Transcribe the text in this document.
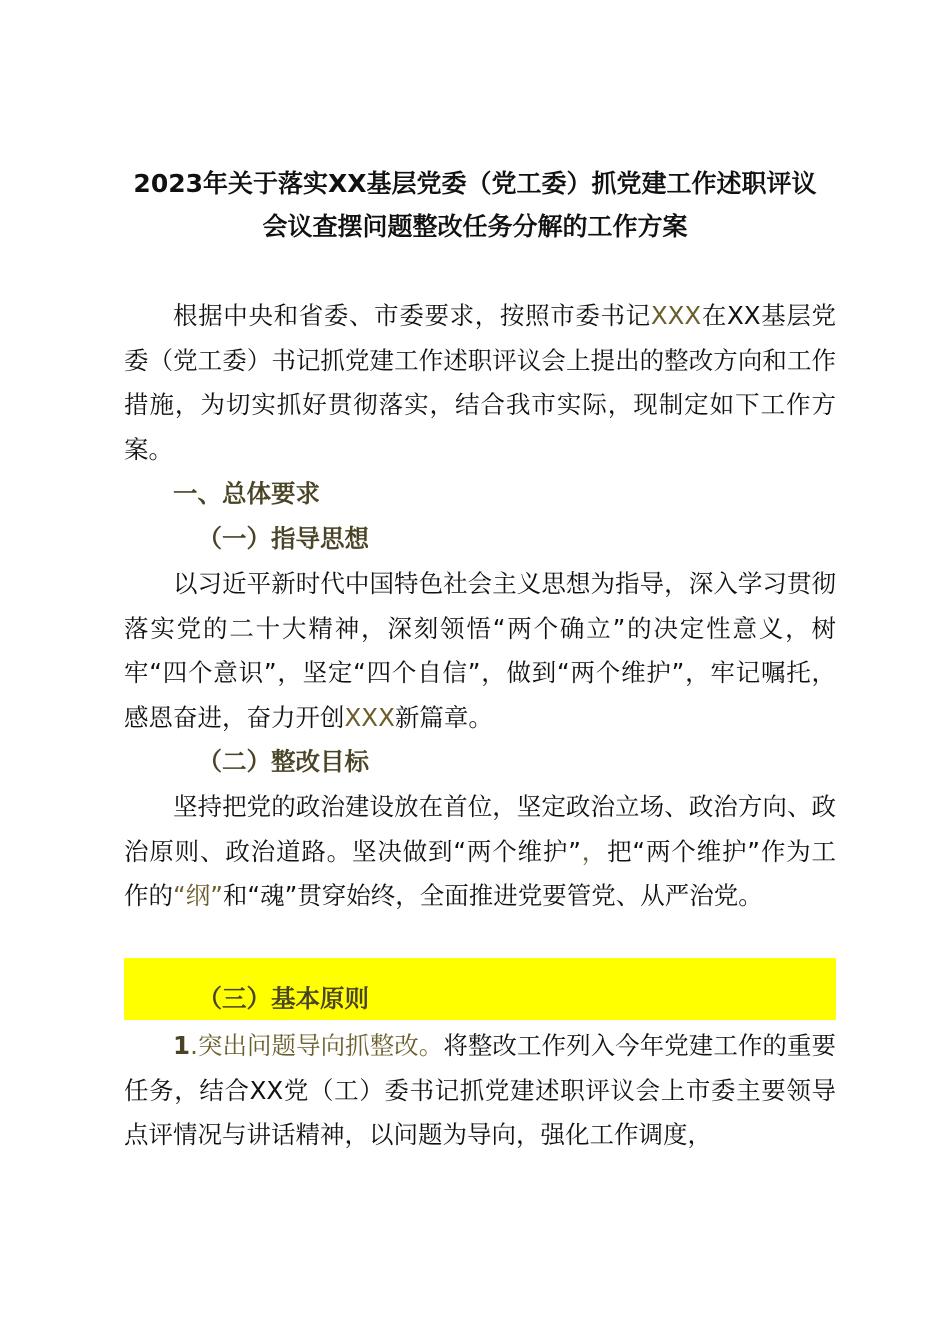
2023年关于落实XX基层党委（党工委）抓党建工作述职评议
会议查摆问题整改任务分解的工作方案

根据中央和省委、市委要求，按照市委书记XXX在XX基层党委（党工委）书记抓党建工作述职评议会上提出的整改方向和工作措施，为切实抓好贯彻落实，结合我市实际，现制定如下工作方案。

一、总体要求
（一）指导思想

以习近平新时代中国特色社会主义思想为指导，深入学习贯彻落实党的二十大精神，深刻领悟“两个确立”的决定性意义，树牢“四个意识”，坚定“四个自信”，做到“两个维护”，牢记嘱托，感恩奋进，奋力开创XXX新篇章。

（二）整改目标

坚持把党的政治建设放在首位，坚定政治立场、政治方向、政治原则、政治道路。坚决做到“两个维护”，把“两个维护”作为工作的“纲”和“魂”贯穿始终，全面推进党要管党、从严治党。

（三）基本原则

1.突出问题导向抓整改。将整改工作列入今年党建工作的重要任务，结合XX党（工）委书记抓党建述职评议会上市委主要领导点评情况与讲话精神，以问题为导向，强化工作调度，
